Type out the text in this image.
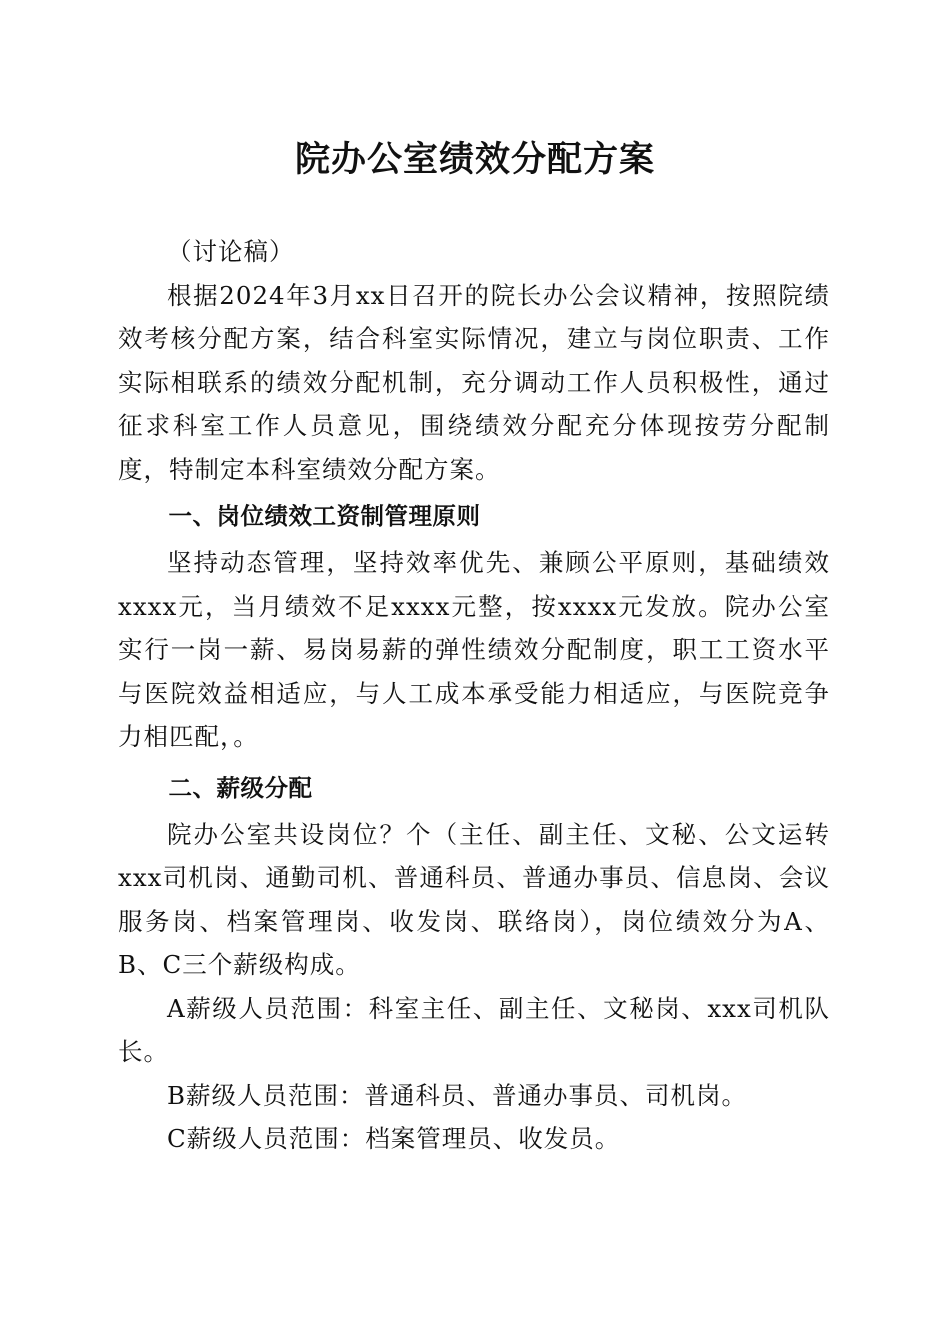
院办公室绩效分配方案

（讨论稿）

根据2024年3月xx日召开的院长办公会议精神，按照院绩效考核分配方案，结合科室实际情况，建立与岗位职责、工作实际相联系的绩效分配机制，充分调动工作人员积极性，通过征求科室工作人员意见，围绕绩效分配充分体现按劳分配制度，特制定本科室绩效分配方案。

一、岗位绩效工资制管理原则

坚持动态管理，坚持效率优先、兼顾公平原则，基础绩效xxxx元，当月绩效不足xxxx元整，按xxxx元发放。院办公室实行一岗一薪、易岗易薪的弹性绩效分配制度，职工工资水平与医院效益相适应，与人工成本承受能力相适应，与医院竞争力相匹配，。

二、薪级分配

院办公室共设岗位？个（主任、副主任、文秘、公文运转xxx司机岗、通勤司机、普通科员、普通办事员、信息岗、会议服务岗、档案管理岗、收发岗、联络岗），岗位绩效分为A、B、C三个薪级构成。

A薪级人员范围：科室主任、副主任、文秘岗、xxx司机队长。

B薪级人员范围：普通科员、普通办事员、司机岗。

C薪级人员范围：档案管理员、收发员。
